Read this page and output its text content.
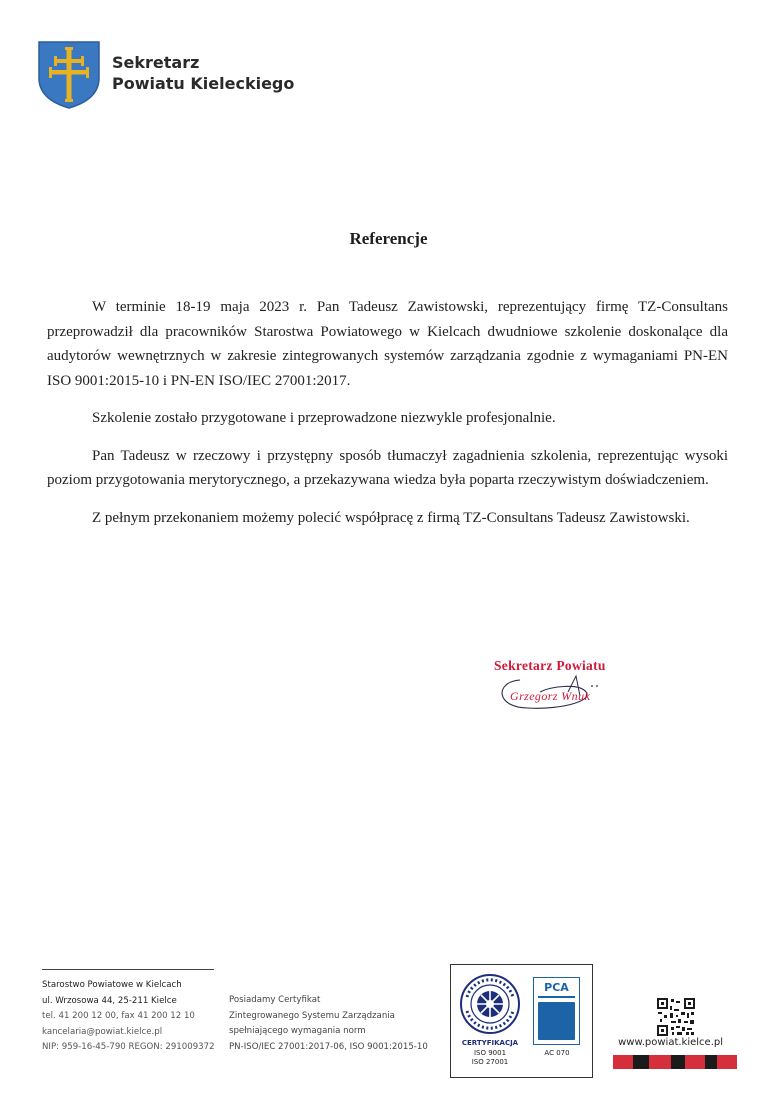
Sekretarz
Powiatu Kieleckiego
Referencje

W terminie 18-19 maja 2023 r. Pan Tadeusz Zawistowski, reprezentujący firmę TZ-Consultans przeprowadził dla pracowników Starostwa Powiatowego w Kielcach dwudniowe szkolenie doskonalące dla audytorów wewnętrznych w zakresie zintegrowanych systemów zarządzania zgodnie z wymaganiami PN-EN ISO 9001:2015-10 i PN-EN ISO/IEC 27001:2017.

Szkolenie zostało przygotowane i przeprowadzone niezwykle profesjonalnie.

Pan Tadeusz w rzeczowy i przystępny sposób tłumaczył zagadnienia szkolenia, reprezentując wysoki poziom przygotowania merytorycznego, a przekazywana wiedza była poparta rzeczywistym doświadczeniem.

Z pełnym przekonaniem możemy polecić współpracę z firmą TZ-Consultans Tadeusz Zawistowski.

Sekretarz Powiatu
Grzegorz Wnuk
Starostwo Powiatowe w Kielcach
ul. Wrzosowa 44, 25-211 Kielce
tel. 41 200 12 00, fax 41 200 12 10
kancelaria@powiat.kielce.pl
NIP: 959-16-45-790 REGON: 291009372
Posiadamy Certyfikat
Zintegrowanego Systemu Zarządzania
spełniającego wymagania norm
PN-ISO/IEC 27001:2017-06, ISO 9001:2015-10	CERTYFIKACJA
ISO 9001
ISO 27001
PCA
AC 070
www.powiat.kielce.pl
